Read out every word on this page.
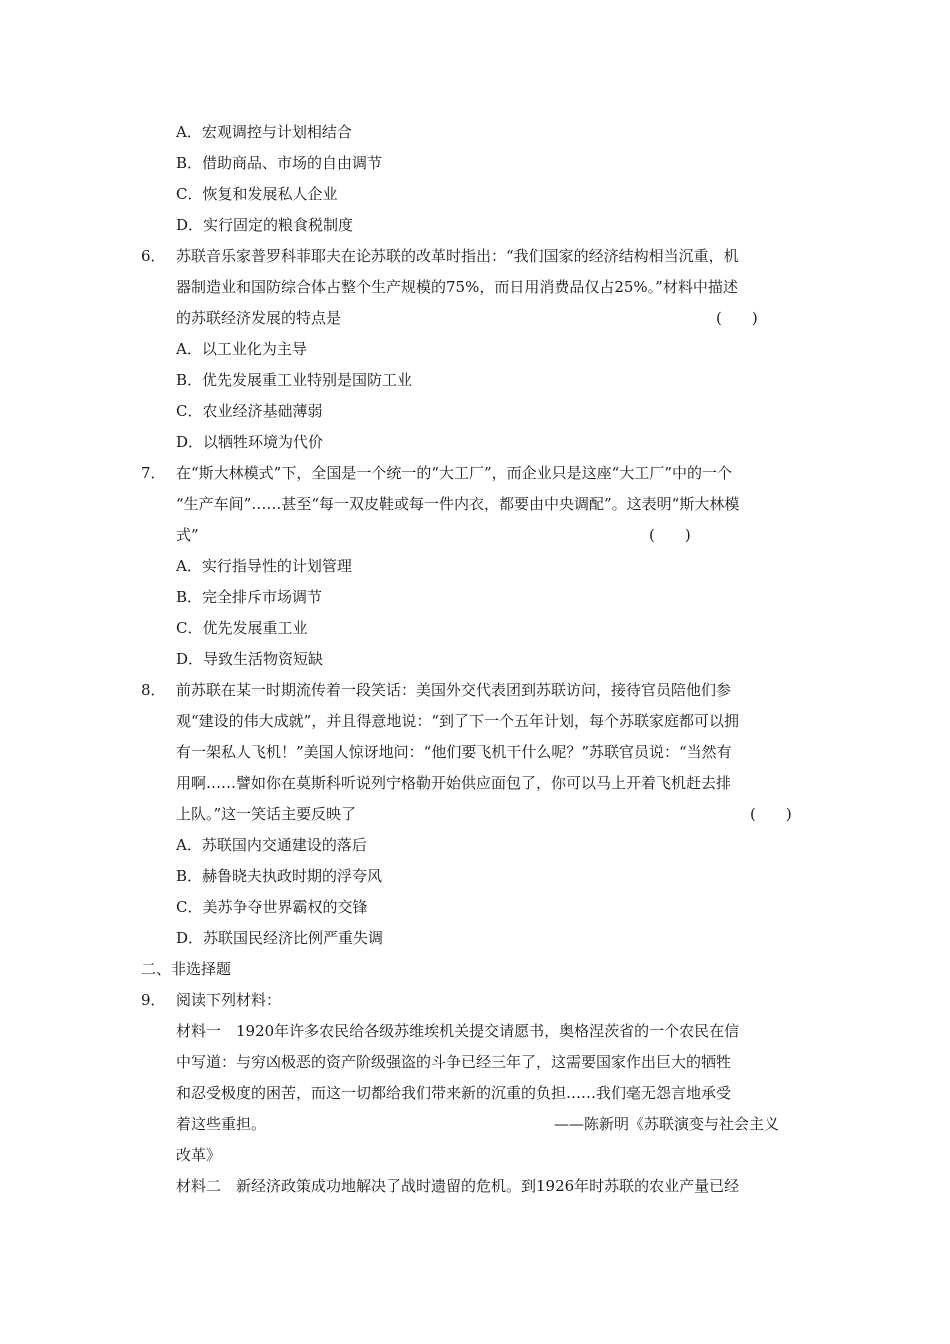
A．宏观调控与计划相结合
B．借助商品、市场的自由调节
C．恢复和发展私人企业
D．实行固定的粮食税制度
6． 苏联音乐家普罗科菲耶夫在论苏联的改革时指出：“我们国家的经济结构相当沉重，机
器制造业和国防综合体占整个生产规模的75%，而日用消费品仅占25%。”材料中描述
的苏联经济发展的特点是	(　　)
A．以工业化为主导
B．优先发展重工业特别是国防工业
C．农业经济基础薄弱
D．以牺牲环境为代价
7． 在“斯大林模式”下，全国是一个统一的“大工厂”，而企业只是这座“大工厂”中的一个
“生产车间”……甚至“每一双皮鞋或每一件内衣，都要由中央调配”。这表明“斯大林模
式”	(　　)
A．实行指导性的计划管理
B．完全排斥市场调节
C．优先发展重工业
D．导致生活物资短缺
8． 前苏联在某一时期流传着一段笑话：美国外交代表团到苏联访问，接待官员陪他们参
观“建设的伟大成就”，并且得意地说：“到了下一个五年计划，每个苏联家庭都可以拥
有一架私人飞机！”美国人惊讶地问：“他们要飞机干什么呢？”苏联官员说：“当然有
用啊……譬如你在莫斯科听说列宁格勒开始供应面包了，你可以马上开着飞机赶去排
上队。”这一笑话主要反映了	(　　)
A．苏联国内交通建设的落后
B．赫鲁晓夫执政时期的浮夸风
C．美苏争夺世界霸权的交锋
D．苏联国民经济比例严重失调
二、非选择题
9． 阅读下列材料：
材料一　1920年许多农民给各级苏维埃机关提交请愿书，奥格涅茨省的一个农民在信
中写道：与穷凶极恶的资产阶级强盗的斗争已经三年了，这需要国家作出巨大的牺牲
和忍受极度的困苦，而这一切都给我们带来新的沉重的负担……我们毫无怨言地承受
着这些重担。	——陈新明《苏联演变与社会主义
改革》
材料二　新经济政策成功地解决了战时遗留的危机。到1926年时苏联的农业产量已经
